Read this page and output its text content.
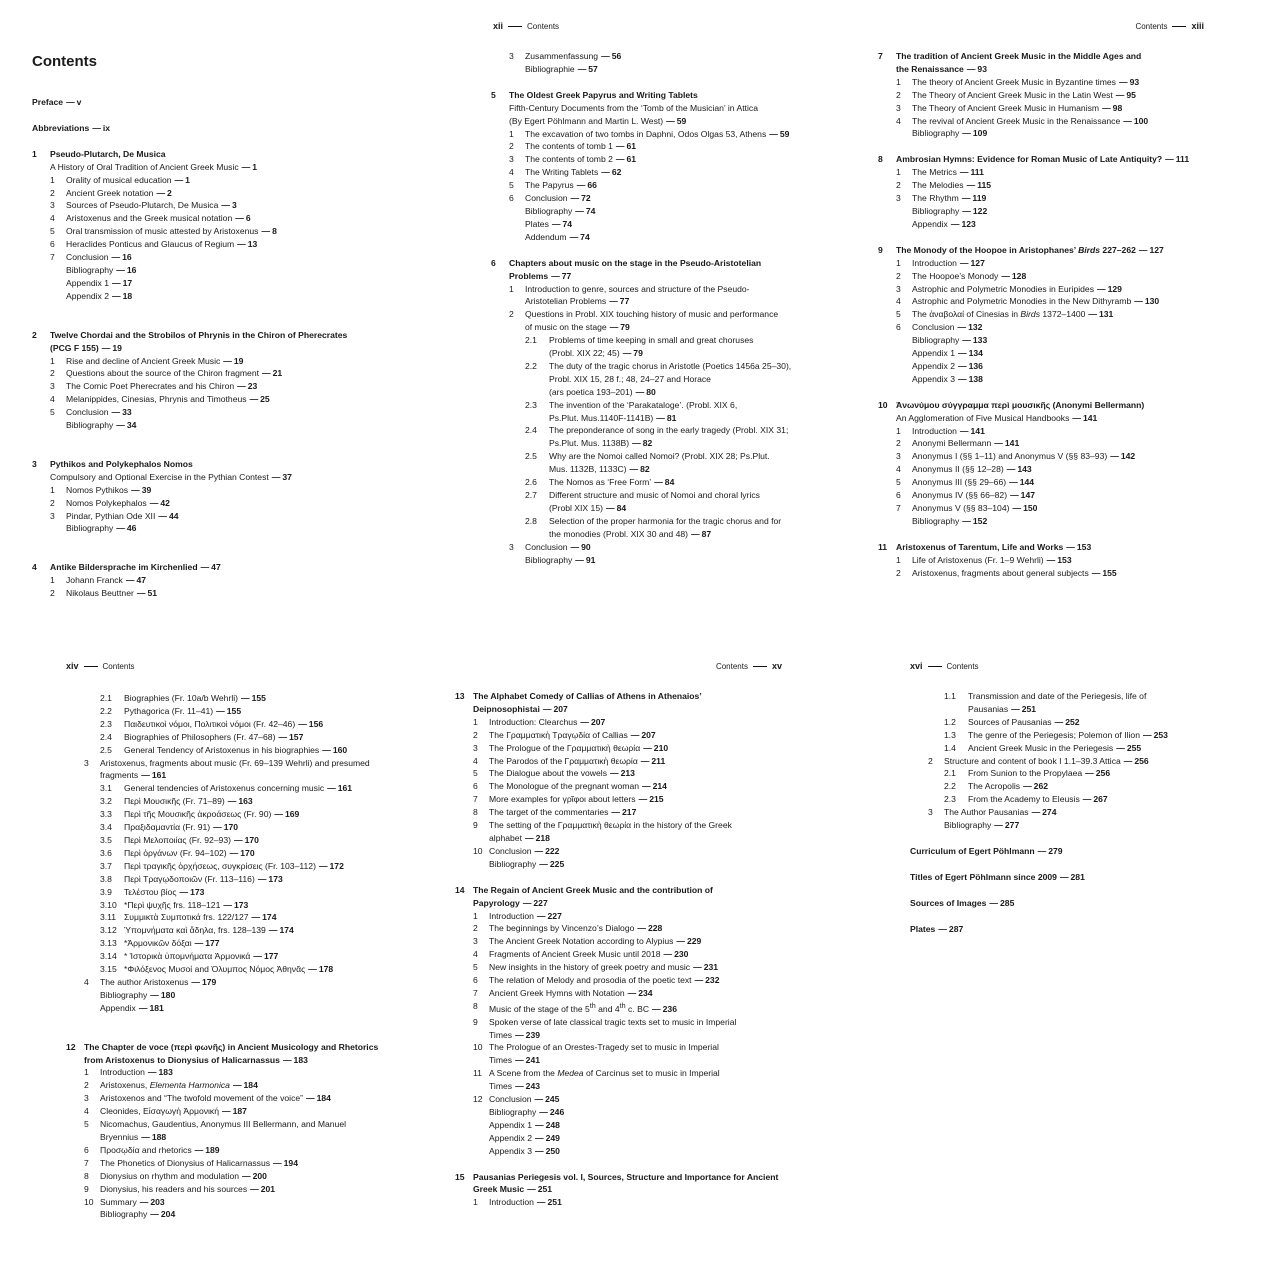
Contents
Preface — v
Abbreviations — ix
1 Pseudo-Plutarch, De Musica
A History of Oral Tradition of Ancient Greek Music — 1
1 Orality of musical education — 1
2 Ancient Greek notation — 2
3 Sources of Pseudo-Plutarch, De Musica — 3
4 Aristoxenus and the Greek musical notation — 6
5 Oral transmission of music attested by Aristoxenus — 8
6 Heraclides Ponticus and Glaucus of Regium — 13
7 Conclusion — 16
Bibliography — 16
Appendix 1 — 17
Appendix 2 — 18
2 Twelve Chordai and the Strobilos of Phrynis in the Chiron of Pherecrates
(PCG F 155) — 19
1 Rise and decline of Ancient Greek Music — 19
2 Questions about the source of the Chiron fragment — 21
3 The Comic Poet Pherecrates and his Chiron — 23
4 Melanippides, Cinesias, Phrynis and Timotheus — 25
5 Conclusion — 33
Bibliography — 34
3 Pythikos and Polykephalos Nomos
Compulsory and Optional Exercise in the Pythian Contest — 37
1 Nomos Pythikos — 39
2 Nomos Polykephalos — 42
3 Pindar, Pythian Ode XII — 44
Bibliography — 46
4 Antike Bildersprache im Kirchenlied — 47
1 Johann Franck — 47
2 Nikolaus Beuttner — 51
xii	Contents
3 Zusammenfassung — 56
Bibliographie — 57
5 The Oldest Greek Papyrus and Writing Tablets
Fifth-Century Documents from the ‘Tomb of the Musician’ in Attica
(By Egert Pöhlmann and Martin L. West) — 59
1 The excavation of two tombs in Daphni, Odos Olgas 53, Athens — 59
2 The contents of tomb 1 — 61
3 The contents of tomb 2 — 61
4 The Writing Tablets — 62
5 The Papyrus — 66
6 Conclusion — 72
Bibliography — 74
Plates — 74
Addendum — 74
6 Chapters about music on the stage in the Pseudo-Aristotelian
Problems — 77
1 Introduction to genre, sources and structure of the Pseudo-
Aristotelian Problems — 77
2 Questions in Probl. XIX touching history of music and performance
of music on the stage — 79
2.1 Problems of time keeping in small and great choruses
(Probl. XIX 22; 45) — 79
2.2 The duty of the tragic chorus in Aristotle (Poetics 1456a 25–30),
Probl. XIX 15, 28 f.; 48, 24–27 and Horace
(ars poetica 193–201) — 80
2.3 The invention of the ‘Parakataloge’. (Probl. XIX 6,
Ps.Plut. Mus.1140F-1141B) — 81
2.4 The preponderance of song in the early tragedy (Probl. XIX 31;
Ps.Plut. Mus. 1138B) — 82
2.5 Why are the Nomoi called Nomoi? (Probl. XIX 28; Ps.Plut.
Mus. 1132B, 1133C) — 82
2.6 The Nomos as ‘Free Form’ — 84
2.7 Different structure and music of Nomoi and choral lyrics
(Probl XIX 15) — 84
2.8 Selection of the proper harmonia for the tragic chorus and for
the monodies (Probl. XIX 30 and 48) — 87
3 Conclusion — 90
Bibliography — 91
Contents	xiii
7 The tradition of Ancient Greek Music in the Middle Ages and
the Renaissance — 93
1 The theory of Ancient Greek Music in Byzantine times — 93
2 The Theory of Ancient Greek Music in the Latin West — 95
3 The Theory of Ancient Greek Music in Humanism — 98
4 The revival of Ancient Greek Music in the Renaissance — 100
Bibliography — 109
8 Ambrosian Hymns: Evidence for Roman Music of Late Antiquity? — 111
1 The Metrics — 111
2 The Melodies — 115
3 The Rhythm — 119
Bibliography — 122
Appendix — 123
9 The Monody of the Hoopoe in Aristophanes’ Birds 227–262 — 127
1 Introduction — 127
2 The Hoopoe’s Monody — 128
3 Astrophic and Polymetric Monodies in Euripides — 129
4 Astrophic and Polymetric Monodies in the New Dithyramb — 130
5 The ἀναβολαί of Cinesias in Birds 1372–1400 — 131
6 Conclusion — 132
Bibliography — 133
Appendix 1 — 134
Appendix 2 — 136
Appendix 3 — 138
10 Ἀνωνύμου σύγγραμμα περὶ μουσικῆς (Anonymi Bellermann)
An Agglomeration of Five Musical Handbooks — 141
1 Introduction — 141
2 Anonymi Bellermann — 141
3 Anonymus I (§§ 1–11) and Anonymus V (§§ 83–93) — 142
4 Anonymus II (§§ 12–28) — 143
5 Anonymus III (§§ 29–66) — 144
6 Anonymus IV (§§ 66–82) — 147
7 Anonymus V (§§ 83–104) — 150
Bibliography — 152
11 Aristoxenus of Tarentum, Life and Works — 153
1 Life of Aristoxenus (Fr. 1–9 Wehrli) — 153
2 Aristoxenus, fragments about general subjects — 155
xiv	Contents
2.1 Biographies (Fr. 10a/b Wehrli) — 155
2.2 Pythagorica (Fr. 11–41) — 155
2.3 Παιδευτικοὶ νόμοι, Πολιτικοὶ νόμοι (Fr. 42–46) — 156
2.4 Biographies of Philosophers (Fr. 47–68) — 157
2.5 General Tendency of Aristoxenus in his biographies — 160
3 Aristoxenus, fragments about music (Fr. 69–139 Wehrli) and presumed
fragments — 161
3.1 General tendencies of Aristoxenus concerning music — 161
3.2 Περὶ Μουσικῆς (Fr. 71–89) — 163
3.3 Περὶ τῆς Μουσικῆς ἀκροάσεως (Fr. 90) — 169
3.4 Πραξιδαμαντία (Fr. 91) — 170
3.5 Περὶ Μελοποιίας (Fr. 92–93) — 170
3.6 Περὶ ὀργάνων (Fr. 94–102) — 170
3.7 Περὶ τραγικῆς ὀρχήσεως, συγκρίσεις (Fr. 103–112) — 172
3.8 Περὶ Τραγῳδοποιῶν (Fr. 113–116) — 173
3.9 Τελέστου βίος — 173
3.10 *Περὶ ψυχῆς frs. 118–121 — 173
3.11 Συμμικτὰ Συμποτικά frs. 122/127 — 174
3.12 Ὑπομνήματα καὶ ἄδηλα, frs. 128–139 — 174
3.13 *Ἁρμονικῶν δόξαι — 177
3.14 * Ἱστορικὰ ὑπομνήματα Ἁρμονικά — 177
3.15 *Φιλόξενος Μυσοί and Ὀλυμπος Νόμος Ἀθηνᾶς — 178
4 The author Aristoxenus — 179
Bibliography — 180
Appendix — 181
12 The Chapter de voce (περὶ φωνῆς) in Ancient Musicology and Rhetorics
from Aristoxenus to Dionysius of Halicarnassus — 183
1 Introduction — 183
2 Aristoxenus, Elementa Harmonica — 184
3 Aristoxenos and “The twofold movement of the voice” — 184
4 Cleonides, Εἰσαγωγὴ Ἁρμονική — 187
5 Nicomachus, Gaudentius, Anonymus III Bellermann, and Manuel
Bryennius — 188
6 Προσῳδία and rhetorics — 189
7 The Phonetics of Dionysius of Halicarnassus — 194
8 Dionysius on rhythm and modulation — 200
9 Dionysius, his readers and his sources — 201
10 Summary — 203
Bibliography — 204
Contents	xv
13 The Alphabet Comedy of Callias of Athens in Athenaios’
Deipnosophistai — 207
1 Introduction: Clearchus — 207
2 The Γραμματικὴ Τραγῳδία of Callias — 207
3 The Prologue of the Γραμματικὴ θεωρία — 210
4 The Parodos of the Γραμματικὴ θεωρία — 211
5 The Dialogue about the vowels — 213
6 The Monologue of the pregnant woman — 214
7 More examples for γρῖφοι about letters — 215
8 The target of the commentaries — 217
9 The setting of the Γραμματικὴ θεωρία in the history of the Greek
alphabet — 218
10 Conclusion — 222
Bibliography — 225
14 The Regain of Ancient Greek Music and the contribution of
Papyrology — 227
1 Introduction — 227
2 The beginnings by Vincenzo’s Dialogo — 228
3 The Ancient Greek Notation according to Alypius — 229
4 Fragments of Ancient Greek Music until 2018 — 230
5 New insights in the history of greek poetry and music — 231
6 The relation of Melody and prosodia of the poetic text — 232
7 Ancient Greek Hymns with Notation — 234
8 Music of the stage of the 5th and 4th c. BC — 236
9 Spoken verse of late classical tragic texts set to music in Imperial
Times — 239
10 The Prologue of an Orestes-Tragedy set to music in Imperial
Times — 241
11 A Scene from the Medea of Carcinus set to music in Imperial
Times — 243
12 Conclusion — 245
Bibliography — 246
Appendix 1 — 248
Appendix 2 — 249
Appendix 3 — 250
15 Pausanias Periegesis vol. I, Sources, Structure and Importance for Ancient
Greek Music — 251
1 Introduction — 251
xvi	Contents
1.1 Transmission and date of the Periegesis, life of
Pausanias — 251
1.2 Sources of Pausanias — 252
1.3 The genre of the Periegesis; Polemon of Ilion — 253
1.4 Ancient Greek Music in the Periegesis — 255
2 Structure and content of book I 1.1–39.3 Attica — 256
2.1 From Sunion to the Propylaea — 256
2.2 The Acropolis — 262
2.3 From the Academy to Eleusis — 267
3 The Author Pausanias — 274
Bibliography — 277
Curriculum of Egert Pöhlmann — 279
Titles of Egert Pöhlmann since 2009 — 281
Sources of Images — 285
Plates — 287
